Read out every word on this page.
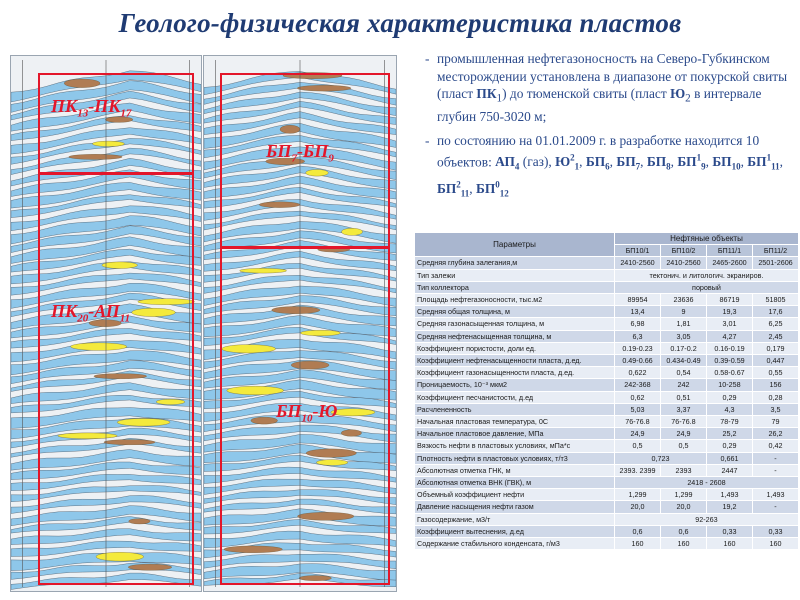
Геолого-физическая характеристика пластов
$ПК_{13}-ПК_{17}$
$ПК_{20}-АП_{11}$
$БП_7-БП_9$
$БП_{10}-Ю$
- промышленная нефтегазоносность на Северо-Губкинском месторождении установлена в диапазоне от покурской свиты (пласт $ПК_1$) до тюменской свиты (пласт $Ю_2$ в интервале глубин 750-3020 м;
- по состоянию на 01.01.2009 г. в разработке находится 10 объектов: $АП_4$ (газ), $Ю^2_1$, $БП_6$, $БП_7$, $БП_8$, $БП^1_9$, $БП_{10}$, $БП^1_{11}$, $БП^2_{11}$, $БП^0_{12}$
Параметры	Нефтяные объекты			
	БП10/1	БП10/2	БП11/1	БП11/2
Средняя глубина залегания,м	2410-2560	2410-2560	2465-2600	2501-2606
Тип залежи	тектонич. и литологич. экраниров.			
Тип коллектора	поровый			
Площадь нефтегазоносности, тыс.м2	89954	23636	86719	51805
Средняя общая толщина, м	13,4	9	19,3	17,6
Средняя газонасыщенная толщина, м	6,98	1,81	3,01	6,25
Средняя нефтенасыщенная толщина, м	6,3	3,05	4,27	2,45
Коэффициент пористости, доли ед.	0.19-0.23	0.17-0.2	0.16-0.19	0,179
Коэффициент нефтенасыщенности пласта, д.ед.	0.49-0.66	0.434-0.49	0.39-0.59	0,447
Коэффициент газонасыщенности пласта, д.ед.	0,622	0,54	0.58-0.67	0,55
Проницаемость, 10⁻³ мкм2	242-368	242	10-258	156
Коэффициент песчанистости, д.ед	0,62	0,51	0,29	0,28
Расчлененность	5,03	3,37	4,3	3,5
Начальная пластовая температура, 0С	76-76.8	76-76.8	78-79	79
Начальное пластовое давление, МПа	24,9	24,9	25,2	26,2
Вязкость нефти в пластовых условиях, мПа*с	0,5	0,5	0,29	0,42
Плотность нефти в пластовых условиях, т/т3	0,723		0,661	-
Абсолютная отметка ГНК, м	2393. 2399	2393	2447	-
Абсолютная отметка ВНК (ГВК), м	2418 - 2608			
Объемный коэффициент нефти	1,299	1,299	1,493	1,493
Давление насыщения нефти газом	20,0	20,0	19,2	-
Газосодержание, м3/т	92-263			
Коэффициент вытеснения, д.ед	0,6	0,6	0,33	0,33
Содержание стабильного конденсата, г/м3	160	160	160	160
